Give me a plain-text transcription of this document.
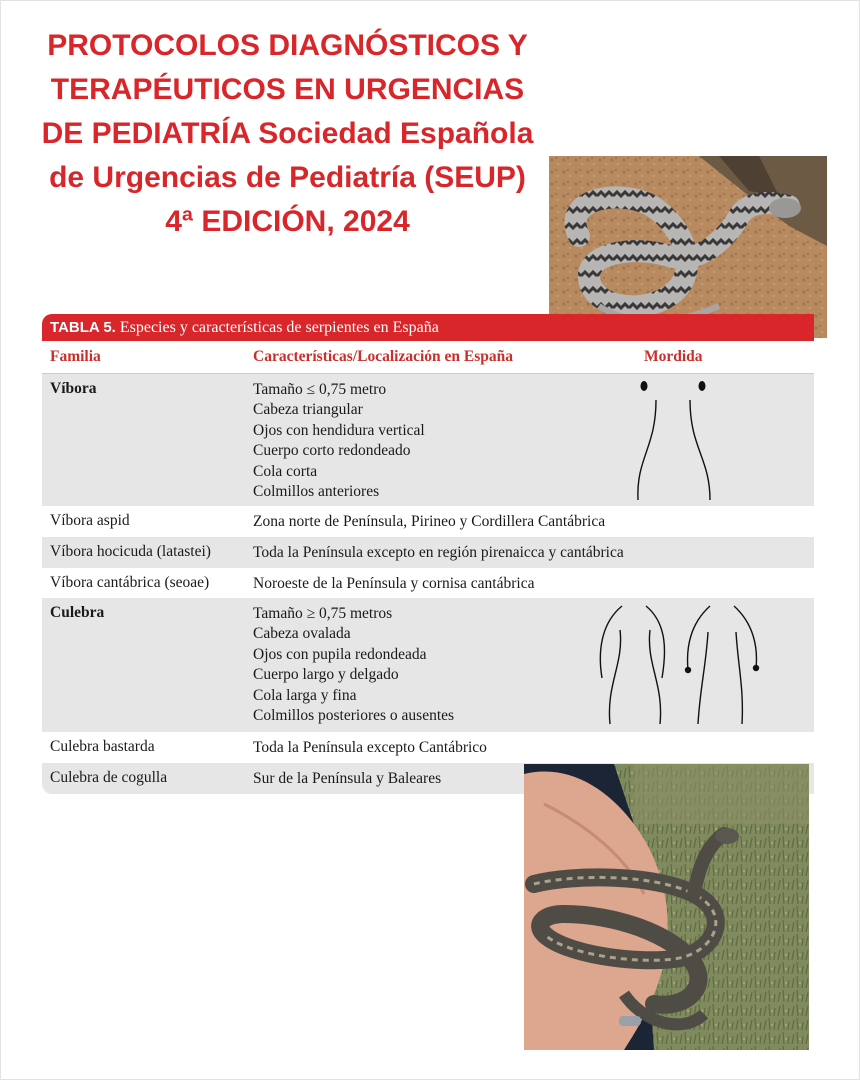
PROTOCOLOS DIAGNÓSTICOS Y
TERAPÉUTICOS EN URGENCIAS
DE PEDIATRÍA Sociedad Española
de Urgencias de Pediatría (SEUP)
4ª EDICIÓN, 2024
TABLA 5. Especies y características de serpientes en España
Familia	Características/Localización en España	Mordida
Víbora	Tamaño ≤ 0,75 metro
Cabeza triangular
Ojos con hendidura vertical
Cuerpo corto redondeado
Cola corta
Colmillos anteriores
Víbora aspid	Zona norte de Península, Pirineo y Cordillera Cantábrica
Víbora hocicuda (latastei)	Toda la Península excepto en región pirenaicca y cantábrica
Víbora cantábrica (seoae)	Noroeste de la Península y cornisa cantábrica
Culebra	Tamaño ≥ 0,75 metros
Cabeza ovalada
Ojos con pupila redondeada
Cuerpo largo y delgado
Cola larga y fina
Colmillos posteriores o ausentes
Culebra bastarda	Toda la Península excepto Cantábrico
Culebra de cogulla	Sur de la Península y Baleares
